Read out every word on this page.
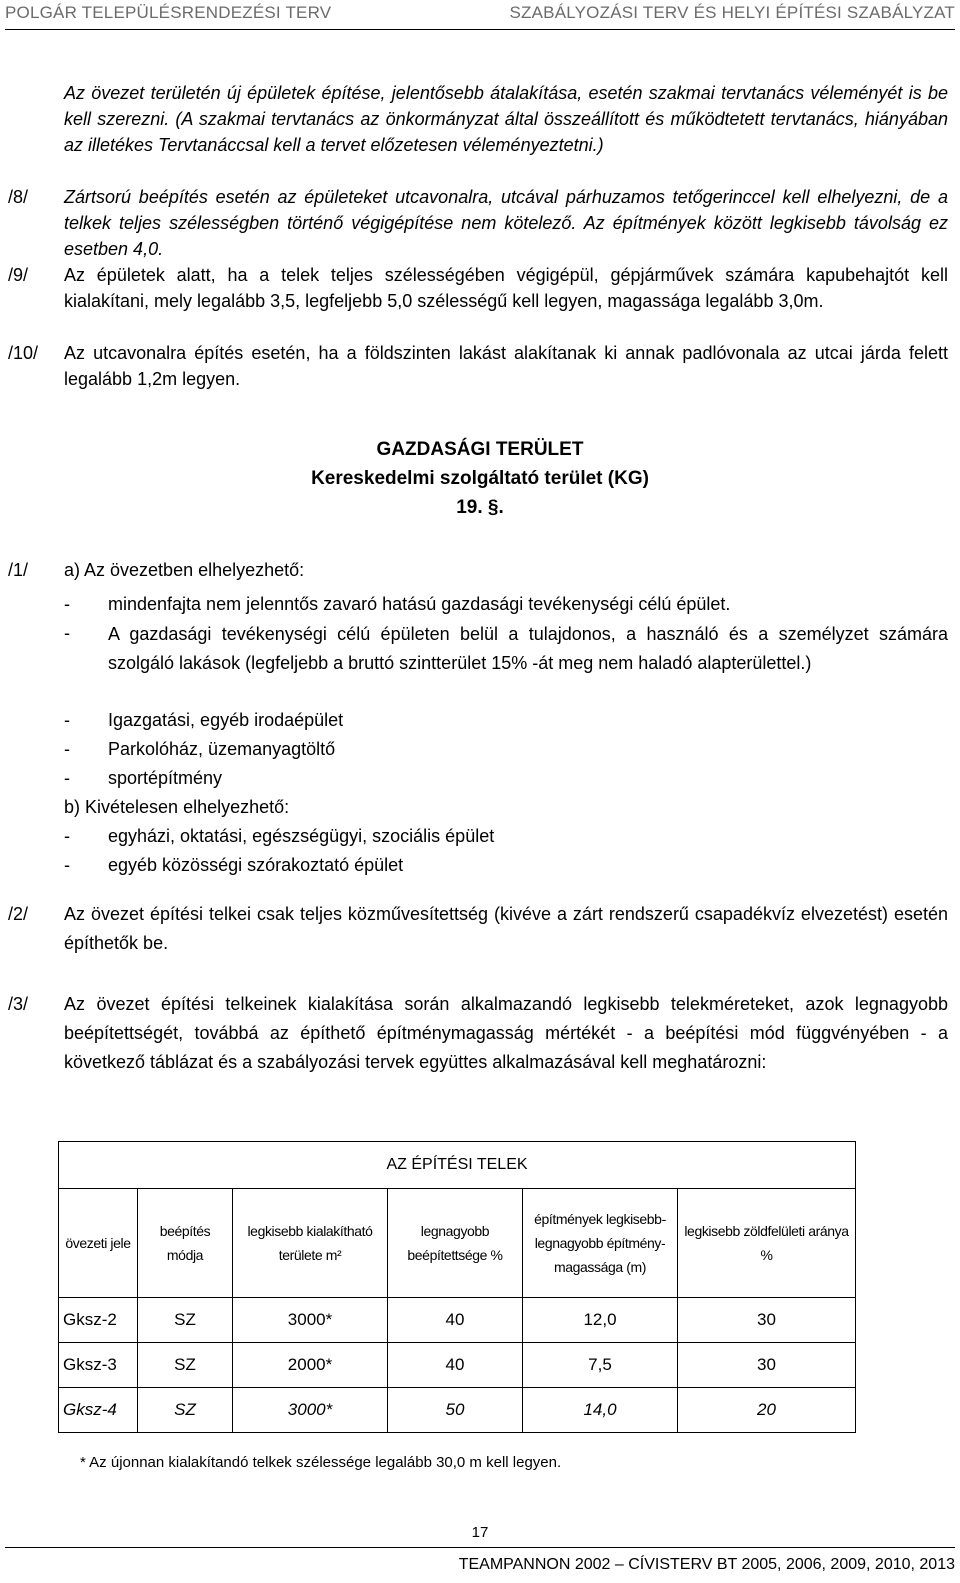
POLGÁR TELEPÜLÉSRENDEZÉSI TERV	SZABÁLYOZÁSI TERV ÉS HELYI ÉPÍTÉSI SZABÁLYZAT

Az övezet területén új épületek építése, jelentősebb átalakítása, esetén szakmai tervtanács véleményét is be kell szerezni. (A szakmai tervtanács az önkormányzat által összeállított és működtetett tervtanács, hiányában az illetékes Tervtanáccsal kell a tervet előzetesen véleményeztetni.)

/8/ Zártsorú beépítés esetén az épületeket utcavonalra, utcával párhuzamos tetőgerinccel kell elhelyezni, de a telkek teljes szélességben történő végigépítése nem kötelező. Az építmények között legkisebb távolság ez esetben 4,0.

/9/ Az épületek alatt, ha a telek teljes szélességében végigépül, gépjárművek számára kapubehajtót kell kialakítani, mely legalább 3,5, legfeljebb 5,0 szélességű kell legyen, magassága legalább 3,0m.

/10/ Az utcavonalra építés esetén, ha a földszinten lakást alakítanak ki annak padlóvonala az utcai járda felett legalább 1,2m legyen.

GAZDASÁGI TERÜLET
Kereskedelmi szolgáltató terület (KG)
19. §.
/1/ a) Az övezetben elhelyezhető:
- mindenfajta nem jelenntős zavaró hatású gazdasági tevékenységi célú épület.
- A gazdasági tevékenységi célú épületen belül a tulajdonos, a használó és a személyzet számára szolgáló lakások (legfeljebb a bruttó szintterület 15% -át meg nem haladó alapterülettel.)

- Igazgatási, egyéb irodaépület
- Parkolóház, üzemanyagtöltő
- sportépítmény
b) Kivételesen elhelyezhető:
- egyházi, oktatási, egészségügyi, szociális épület
- egyéb közösségi szórakoztató épület
/2/ Az övezet építési telkei csak teljes közművesítettség (kivéve a zárt rendszerű csapadékvíz elvezetést) esetén építhetők be.

/3/ Az övezet építési telkeinek kialakítása során alkalmazandó legkisebb telekméreteket, azok legnagyobb beépítettségét, továbbá az építhető építménymagasság mértékét - a beépítési mód függvényében - a következő táblázat és a szabályozási tervek együttes alkalmazásával kell meghatározni:

AZ ÉPÍTÉSI TELEK					
övezeti jele	beépítés módja	legkisebb kialakítható területe m²	legnagyobb beépítettsége %	építmények legkisebb-legnagyobb építmény-magassága (m)	legkisebb zöldfelületi aránya %
Gksz-2	SZ	3000*	40	12,0	30
Gksz-3	SZ	2000*	40	7,5	30
Gksz-4	SZ	3000*	50	14,0	20
* Az újonnan kialakítandó telkek szélessége legalább 30,0 m kell legyen.
17
TEAMPANNON 2002 – CÍVISTERV BT 2005, 2006, 2009, 2010, 2013
